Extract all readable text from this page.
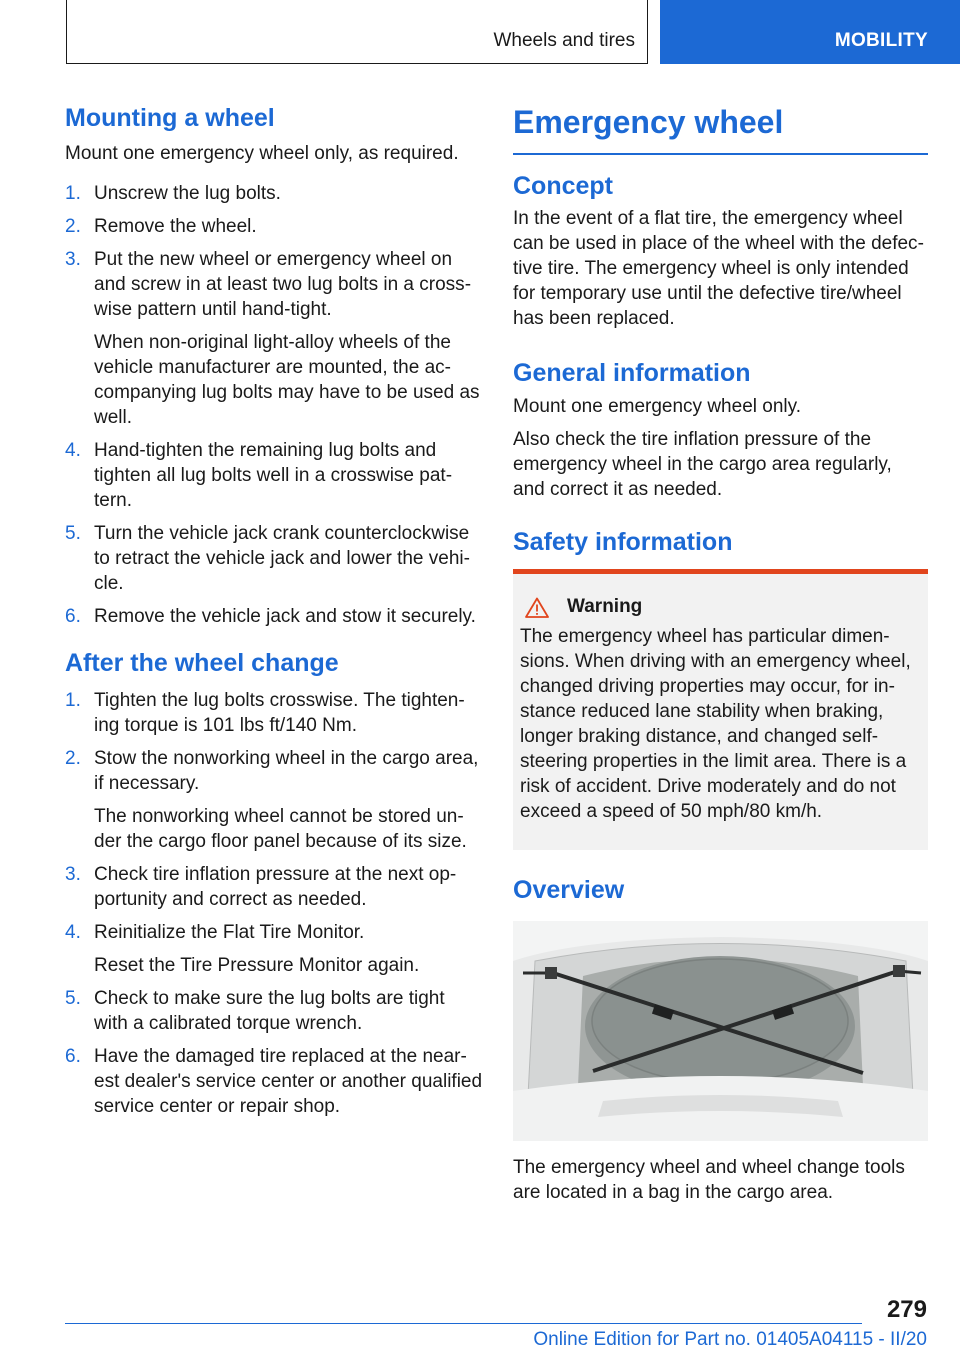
Wheels and tires	MOBILITY
Mounting a wheel

Mount one emergency wheel only, as required.

1. Unscrew the lug bolts.
2. Remove the wheel.
3. Put the new wheel or emergency wheel on and screw in at least two lug bolts in a crosswise pattern until hand-tight.
When non-original light-alloy wheels of the vehicle manufacturer are mounted, the accompanying lug bolts may have to be used as well.
4. Hand-tighten the remaining lug bolts and tighten all lug bolts well in a crosswise pattern.
5. Turn the vehicle jack crank counterclockwise to retract the vehicle jack and lower the vehicle.
6. Remove the vehicle jack and stow it securely.
After the wheel change
1. Tighten the lug bolts crosswise. The tightening torque is 101 lbs ft/140 Nm.
2. Stow the nonworking wheel in the cargo area, if necessary.
The nonworking wheel cannot be stored under the cargo floor panel because of its size.
3. Check tire inflation pressure at the next opportunity and correct as needed.
4. Reinitialize the Flat Tire Monitor.
Reset the Tire Pressure Monitor again.
5. Check to make sure the lug bolts are tight with a calibrated torque wrench.
6. Have the damaged tire replaced at the nearest dealer's service center or another qualified service center or repair shop.
Emergency wheel
Concept

In the event of a flat tire, the emergency wheel can be used in place of the wheel with the defective tire. The emergency wheel is only intended for temporary use until the defective tire/wheel has been replaced.

General information

Mount one emergency wheel only.

Also check the tire inflation pressure of the emergency wheel in the cargo area regularly, and correct it as needed.

Safety information
Warning

The emergency wheel has particular dimensions. When driving with an emergency wheel, changed driving properties may occur, for instance reduced lane stability when braking, longer braking distance, and changed self-steering properties in the limit area. There is a risk of accident. Drive moderately and do not exceed a speed of 50 mph/80 km/h.

Overview

The emergency wheel and wheel change tools are located in a bag in the cargo area.

279
Online Edition for Part no. 01405A04115 - II/20
